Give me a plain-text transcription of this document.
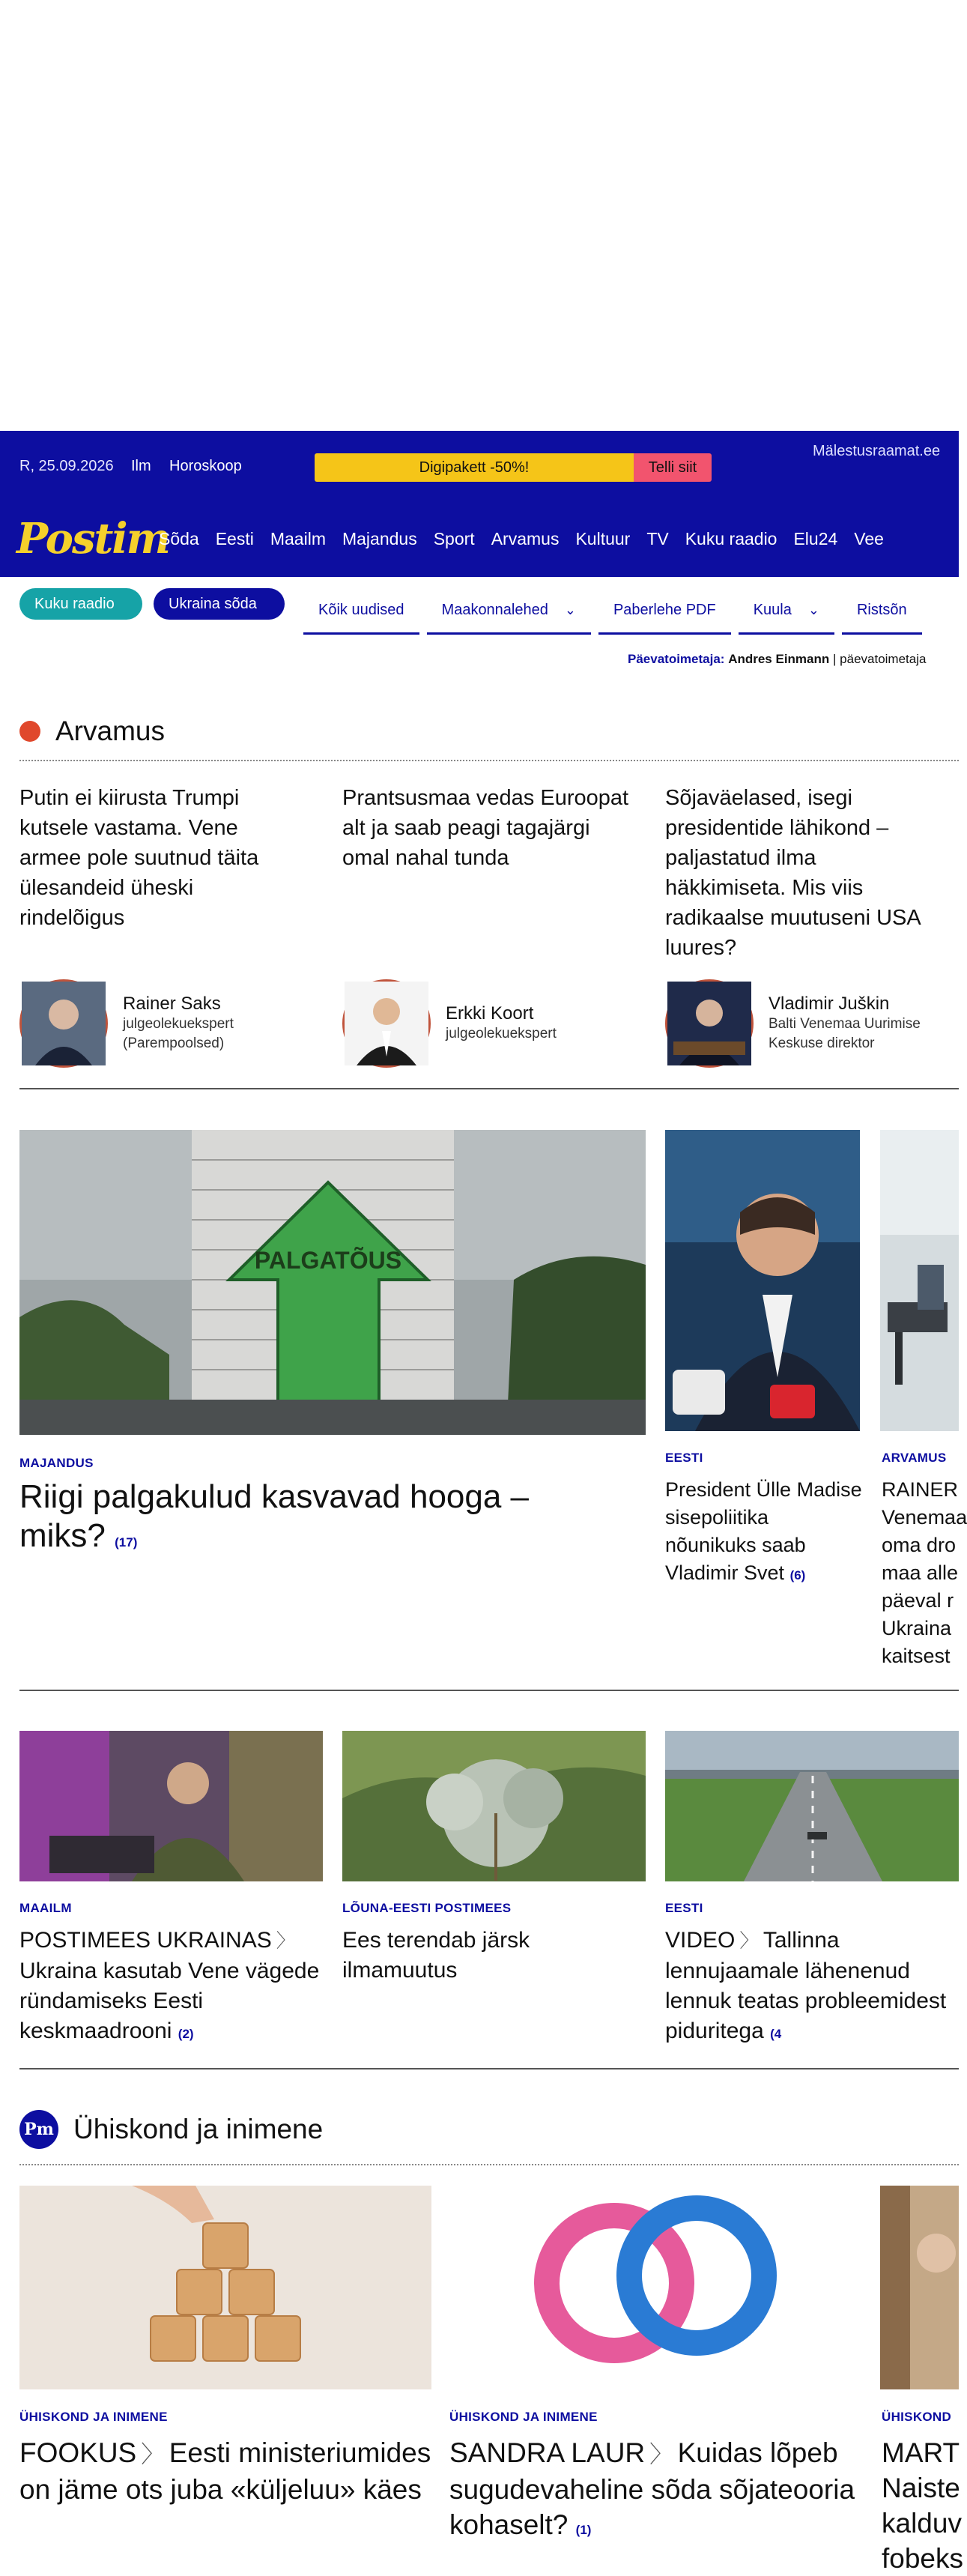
R, 25.09.2026 Ilm Horoskoop	Digipakett -50%!	Telli siit
Mälestusraamat.ee
Postim
Sõda Eesti Maailm Majandus Sport Arvamus Kultuur TV Kuku raadio Elu24 Vee
Kuku raadio	Ukraina sõda	Kõik uudised	Maakonnalehed ⌄	Paberlehe PDF	Kuula ⌄	Ristsõn
Päevatoimetaja: Andres Einmann | päevatoimetaja
Arvamus
Putin ei kiirusta Trumpi kutsele vastama. Vene armee pole suutnud täita ülesandeid üheski rindelõigus
Prantsusmaa vedas Euroopat alt ja saab peagi tagajärgi omal nahal tunda
Sõjaväelased, isegi presidentide lähikond – paljastatud ilma häkkimiseta. Mis viis radikaalse muutuseni USA luures?
Rainer Saks
julgeolekuekspert (Parempoolsed)
Erkki Koort
julgeolekuekspert
Vladimir Juškin
Balti Venemaa Uurimise Keskuse direktor
PALGATÕUS
MAJANDUS
Riigi palgakulud kasvavad hooga – miks? (17)
EESTI
President Ülle Madise sisepoliitika nõunikuks saab Vladimir Svet (6)
ARVAMUS
RAINER Venemaa oma dro maa alle päeval r Ukraina kaitsest
MAAILM
POSTIMEES UKRAINAS 〉Ukraina kasutab Vene vägede ründamiseks Eesti keskmaadrooni (2)
LÕUNA-EESTI POSTIMEES
Ees terendab järsk ilmamuutus
EESTI
VIDEO 〉 Tallinna lennujaamale lähenenud lennuk teatas probleemidest piduritega (4
Pm Ühiskond ja inimene
ÜHISKOND JA INIMENE
FOOKUS 〉 Eesti ministeriumides on jäme ots juba «küljeluu» käes
ÜHISKOND JA INIMENE
SANDRA LAUR 〉 Kuidas lõpeb sugudevaheline sõda sõjateooria kohaselt? (1)
ÜHISKOND
MART Naiste kalduv fobeks
